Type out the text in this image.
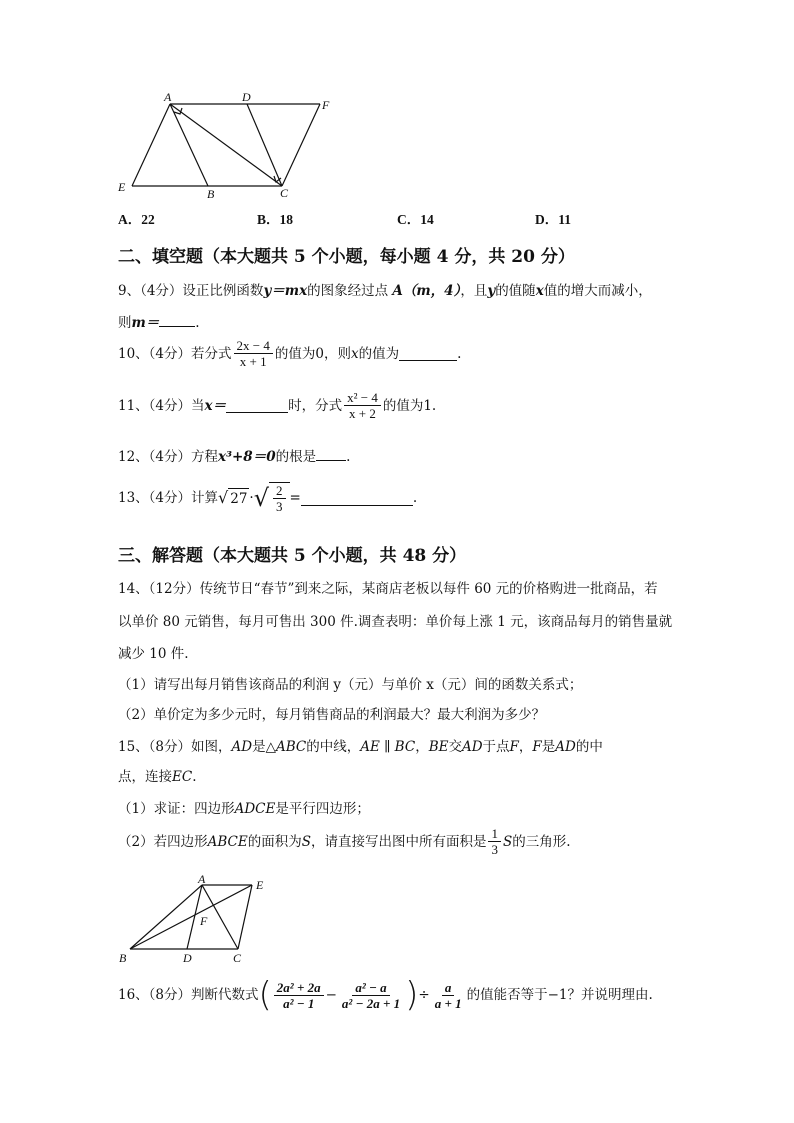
A	D
F
E	B	C
A．22	B．18	C．14	D．11
二、填空题（本大题共 5 个小题，每小题 4 分，共 20 分）
9、（4分）设正比例函数y＝mx的图象经过点 A（m，4），且y的值随x值的增大而减小，
则m＝	.
10、（4分）若分式 $\frac{2x - 4}{x + 1}$ 的值为0，则 x 的值为	.
11、（4分）当 x＝	时，分式 $\frac{\text{x² − 4}}{x + 2}$ 的值为1.
12、（4分）方程x³+8＝0的根是 .
13、（4分）计算 √ 27 · √ $\frac{2}{3}$ =	.
三、解答题（本大题共 5 个小题，共 48 分）
14、（12分）传统节日“春节”到来之际，某商店老板以每件 60 元的价格购进一批商品，若
以单价 80 元销售，每月可售出 300 件.调查表明：单价每上涨 1 元，该商品每月的销售量就
减少 10 件.
（1）请写出每月销售该商品的利润 y（元）与单价 x（元）间的函数关系式；
（2）单价定为多少元时，每月销售商品的利润最大？最大利润为多少？
15、（8分）如图，AD是△ABC的中线，AE ∥ BC，BE交AD于点F，F是AD的中
点，连接EC.
（1）求证：四边形ADCE是平行四边形；
（2）若四边形 ABCE 的面积为 S ，请直接写出图中所有面积是 $\frac{1}{3}$ S 的三角形.
A	E
F
B	D	C
16、（8分）判断代数式 ( $\frac{\text{2a² + 2a}}{\text{a² − 1}} - \frac{\text{a² − a}}{\text{a² − 2a + 1}}$ ) ÷ $\frac{a}{a + 1}$ 的值能否等于−1？并说明理由.
